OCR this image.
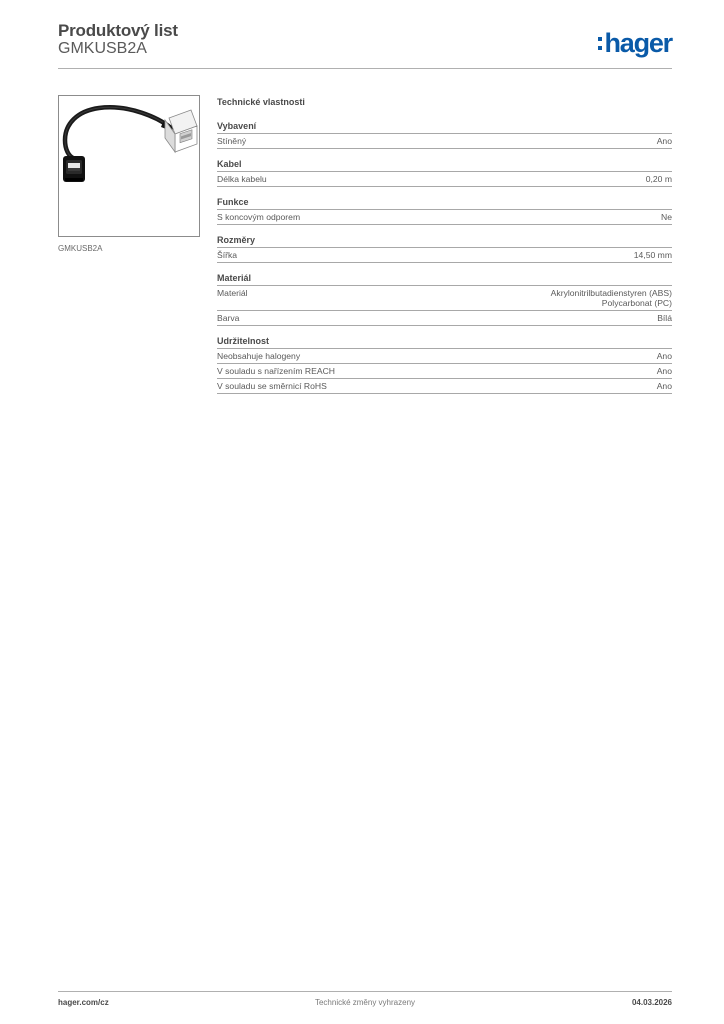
Produktový list
GMKUSB2A	hager
GMKUSB2A
Technické vlastnosti
Vybavení
Stíněný	Ano
Kabel
Délka kabelu	0,20 m
Funkce
S koncovým odporem	Ne
Rozměry
Šířka	14,50 mm
Materiál
Materiál	Akrylonitrilbutadienstyren (ABS)
Polycarbonat (PC)
Barva	Bílá
Udržitelnost
Neobsahuje halogeny	Ano
V souladu s nařízením REACH	Ano
V souladu se směrnicí RoHS	Ano
hager.com/cz	Technické změny vyhrazeny	04.03.2026
